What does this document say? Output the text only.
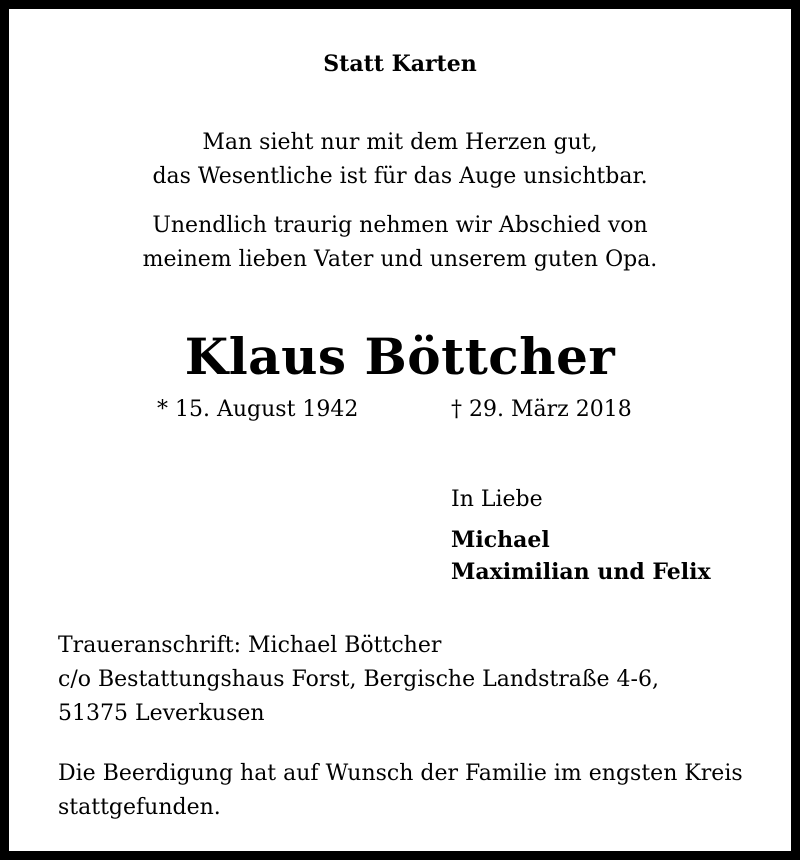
Statt Karten
Man sieht nur mit dem Herzen gut,
das Wesentliche ist für das Auge unsichtbar.
Unendlich traurig nehmen wir Abschied von
meinem lieben Vater und unserem guten Opa.
Klaus Böttcher
* 15. August 1942	† 29. März 2018
In Liebe
Michael
Maximilian und Felix
Traueranschrift: Michael Böttcher
c/o Bestattungshaus Forst, Bergische Landstraße 4-6,
51375 Leverkusen
Die Beerdigung hat auf Wunsch der Familie im engsten Kreis
stattgefunden.
